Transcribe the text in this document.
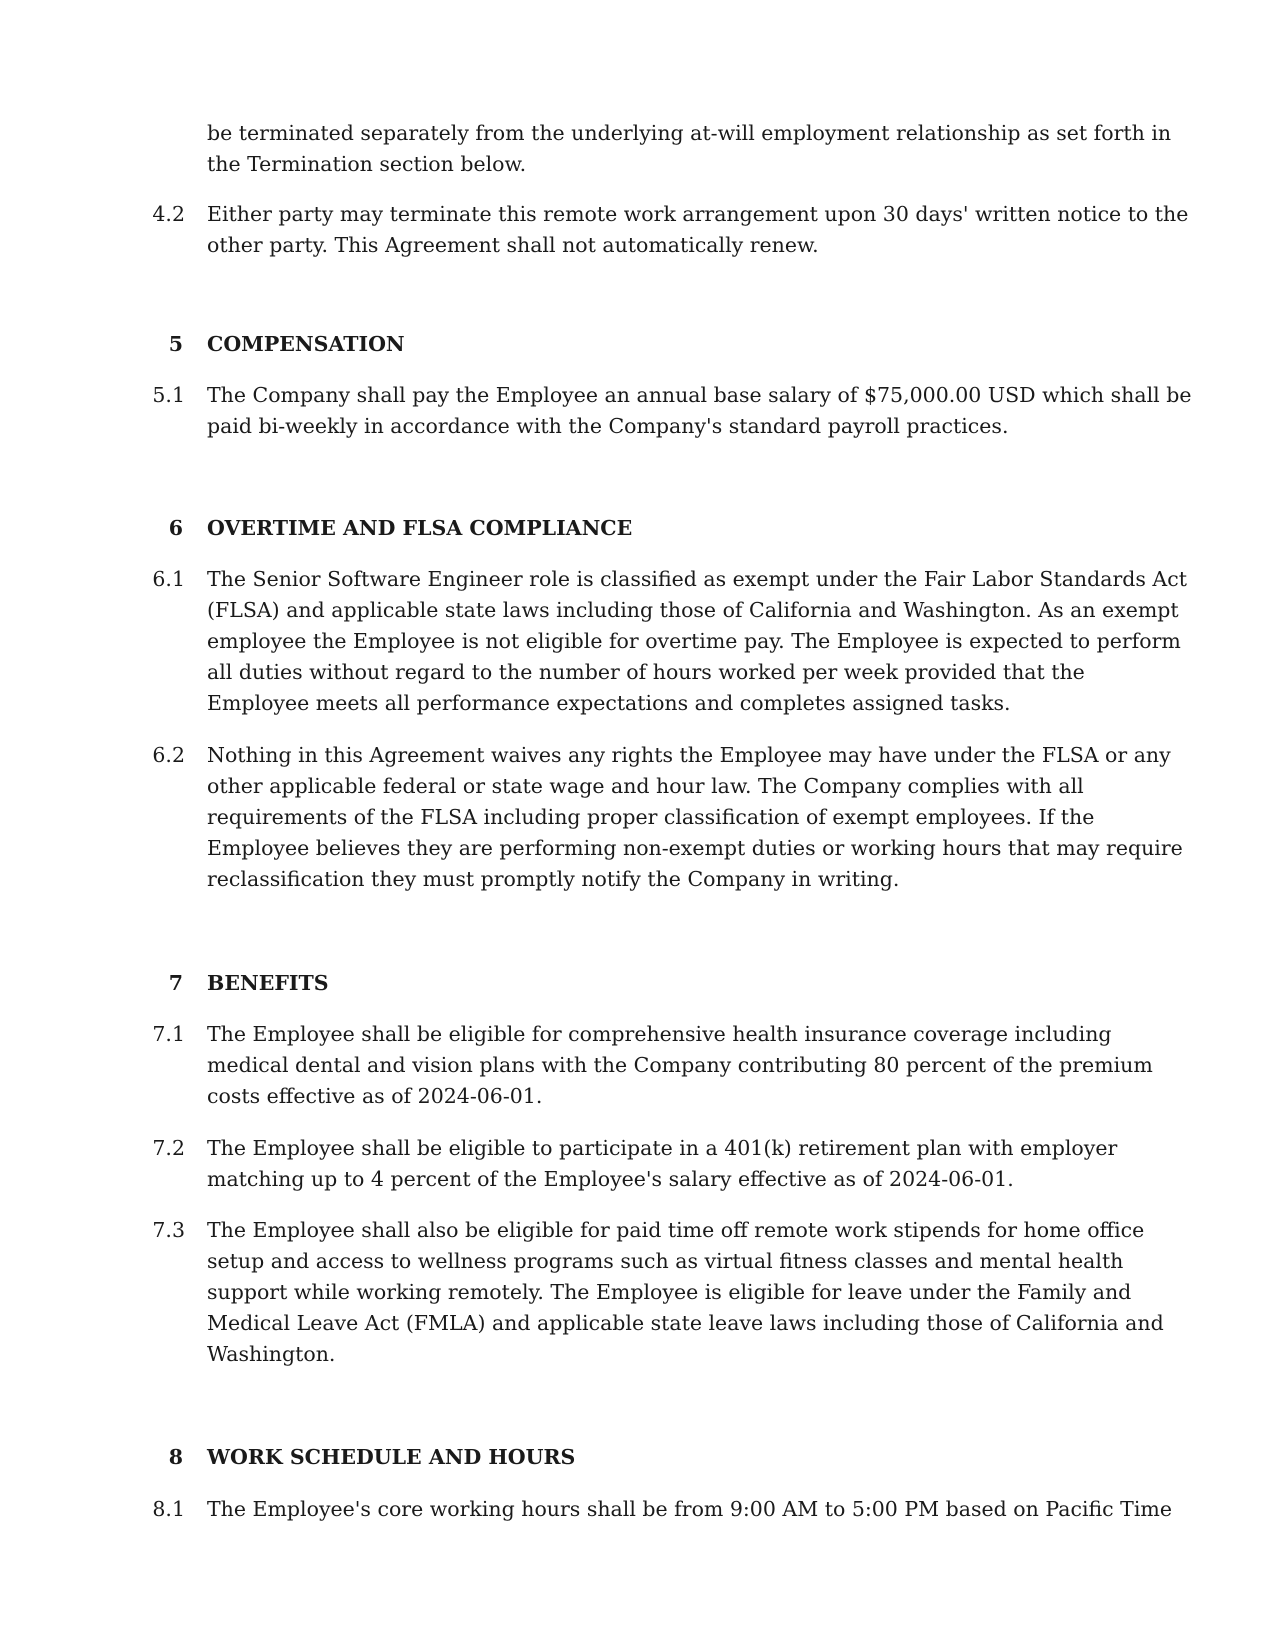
be terminated separately from the underlying at-will employment relationship as set forth in
the Termination section below.
4.2 Either party may terminate this remote work arrangement upon 30 days' written notice to the
other party. This Agreement shall not automatically renew.
5 COMPENSATION
5.1 The Company shall pay the Employee an annual base salary of $75,000.00 USD which shall be
paid bi-weekly in accordance with the Company's standard payroll practices.
6 OVERTIME AND FLSA COMPLIANCE
6.1 The Senior Software Engineer role is classified as exempt under the Fair Labor Standards Act
(FLSA) and applicable state laws including those of California and Washington. As an exempt
employee the Employee is not eligible for overtime pay. The Employee is expected to perform
all duties without regard to the number of hours worked per week provided that the
Employee meets all performance expectations and completes assigned tasks.
6.2 Nothing in this Agreement waives any rights the Employee may have under the FLSA or any
other applicable federal or state wage and hour law. The Company complies with all
requirements of the FLSA including proper classification of exempt employees. If the
Employee believes they are performing non-exempt duties or working hours that may require
reclassification they must promptly notify the Company in writing.
7 BENEFITS
7.1 The Employee shall be eligible for comprehensive health insurance coverage including
medical dental and vision plans with the Company contributing 80 percent of the premium
costs effective as of 2024-06-01.
7.2 The Employee shall be eligible to participate in a 401(k) retirement plan with employer
matching up to 4 percent of the Employee's salary effective as of 2024-06-01.
7.3 The Employee shall also be eligible for paid time off remote work stipends for home office
setup and access to wellness programs such as virtual fitness classes and mental health
support while working remotely. The Employee is eligible for leave under the Family and
Medical Leave Act (FMLA) and applicable state leave laws including those of California and
Washington.
8 WORK SCHEDULE AND HOURS
8.1 The Employee's core working hours shall be from 9:00 AM to 5:00 PM based on Pacific Time
